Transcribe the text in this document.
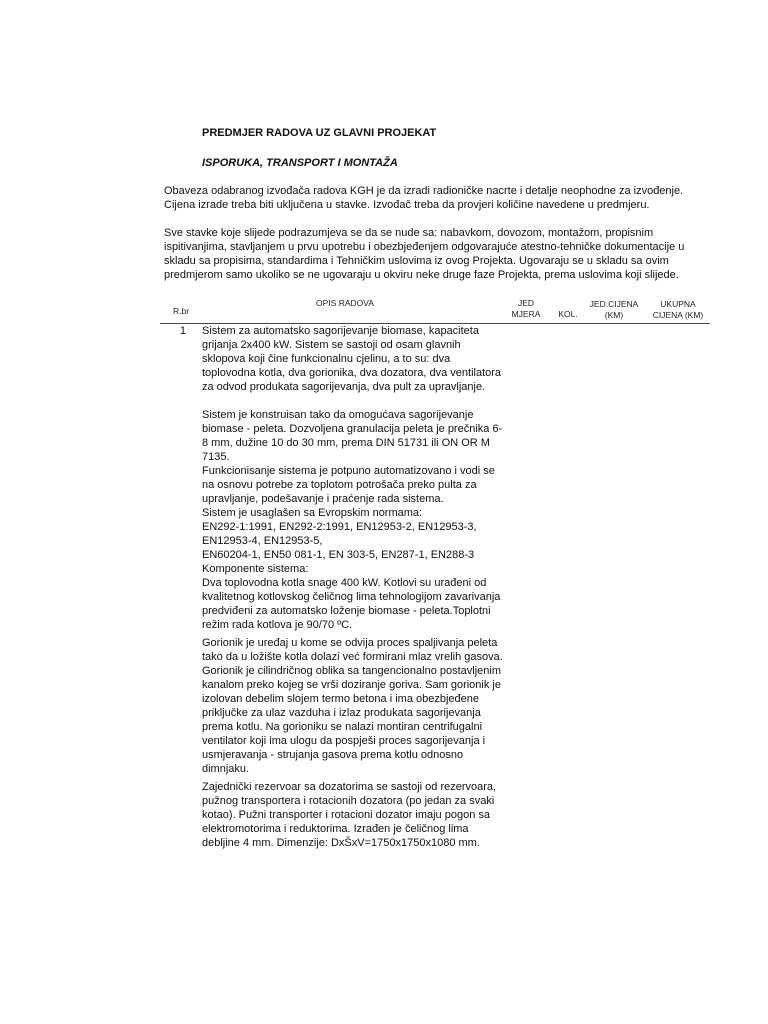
PREDMJER RADOVA UZ GLAVNI PROJEKAT
ISPORUKA, TRANSPORT I MONTAŽA

Obaveza odabranog izvođača radova KGH je da izradi radioničke nacrte i detalje neophodne za izvođenje. Cijena izrade treba biti uključena u stavke. Izvođač treba da provjeri količine navedene u predmjeru.

Sve stavke koje slijede podrazumjeva se da se nude sa: nabavkom, dovozom, montažom, propisnim ispitivanjima, stavljanjem u prvu upotrebu i obezbjeđenjem odgovarajuće atestno-tehničke dokumentacije u skladu sa propisima, standardima i Tehničkim uslovima iz ovog Projekta. Ugovaraju se u skladu sa ovim predmjerom samo ukoliko se ne ugovaraju u okviru neke druge faze Projekta, prema uslovima koji slijede.

R.br
OPIS RADOVA	JED MJERA	KOL.
JED.CIJENA (KM)
UKUPNA CIJENA (KM)
1 Sistem za automatsko sagorijevanje biomase, kapaciteta grijanja 2x400 kW. Sistem se sastoji od osam glavnih sklopova koji čine funkcionalnu cjelinu, a to su: dva toplovodna kotla, dva gorionika, dva dozatora, dva ventilatora za odvod produkata sagorijevanja, dva pult za upravljanje.

Sistem je konstruisan tako da omogućava sagorijevanje biomase - peleta. Dozvoljena granulacija peleta je prečnika 6-8 mm, dužine 10 do 30 mm, prema DIN 51731 ili ON OR M 7135.

Funkcionisanje sistema je potpuno automatizovano i vodi se na osnovu potrebe za toplotom potrošača preko pulta za upravljanje, podešavanje i praćenje rada sistema.

Sistem je usaglašen sa Evropskim normama:

EN292-1:1991, EN292-2:1991, EN12953-2, EN12953-3, EN12953-4, EN12953-5,

EN60204-1, EN50 081-1, EN 303-5, EN287-1, EN288-3

Komponente sistema:

Dva toplovodna kotla snage 400 kW. Kotlovi su urađeni od kvalitetnog kotlovskog čeličnog lima tehnologijom zavarivanja predviđeni za automatsko loženje biomase - peleta.Toplotni režim rada kotlova je 90/70 ºC.

Gorionik je uređaj u kome se odvija proces spaljivanja peleta tako da u ložište kotla dolazi već formirani mlaz vrelih gasova. Gorionik je cilindričnog oblika sa tangencionalno postavljenim kanalom preko kojeg se vrši doziranje goriva. Sam gorionik je izolovan debelim slojem termo betona i ima obezbjeđene priključke za ulaz vazduha i izlaz produkata sagorijevanja prema kotlu. Na gorioniku se nalazi montiran centrifugalni ventilator koji ima ulogu da pospješi proces sagorijevanja i usmjeravanja - strujanja gasova prema kotlu odnosno dimnjaku.

Zajednički rezervoar sa dozatorima se sastoji od rezervoara, pužnog transportera i rotacionih dozatora (po jedan za svaki kotao). Pužni transporter i rotacioni dozator imaju pogon sa elektromotorima i reduktorima. Izrađen je čeličnog lima debljine 4 mm. Dimenzije: DxŠxV=1750x1750x1080 mm.
